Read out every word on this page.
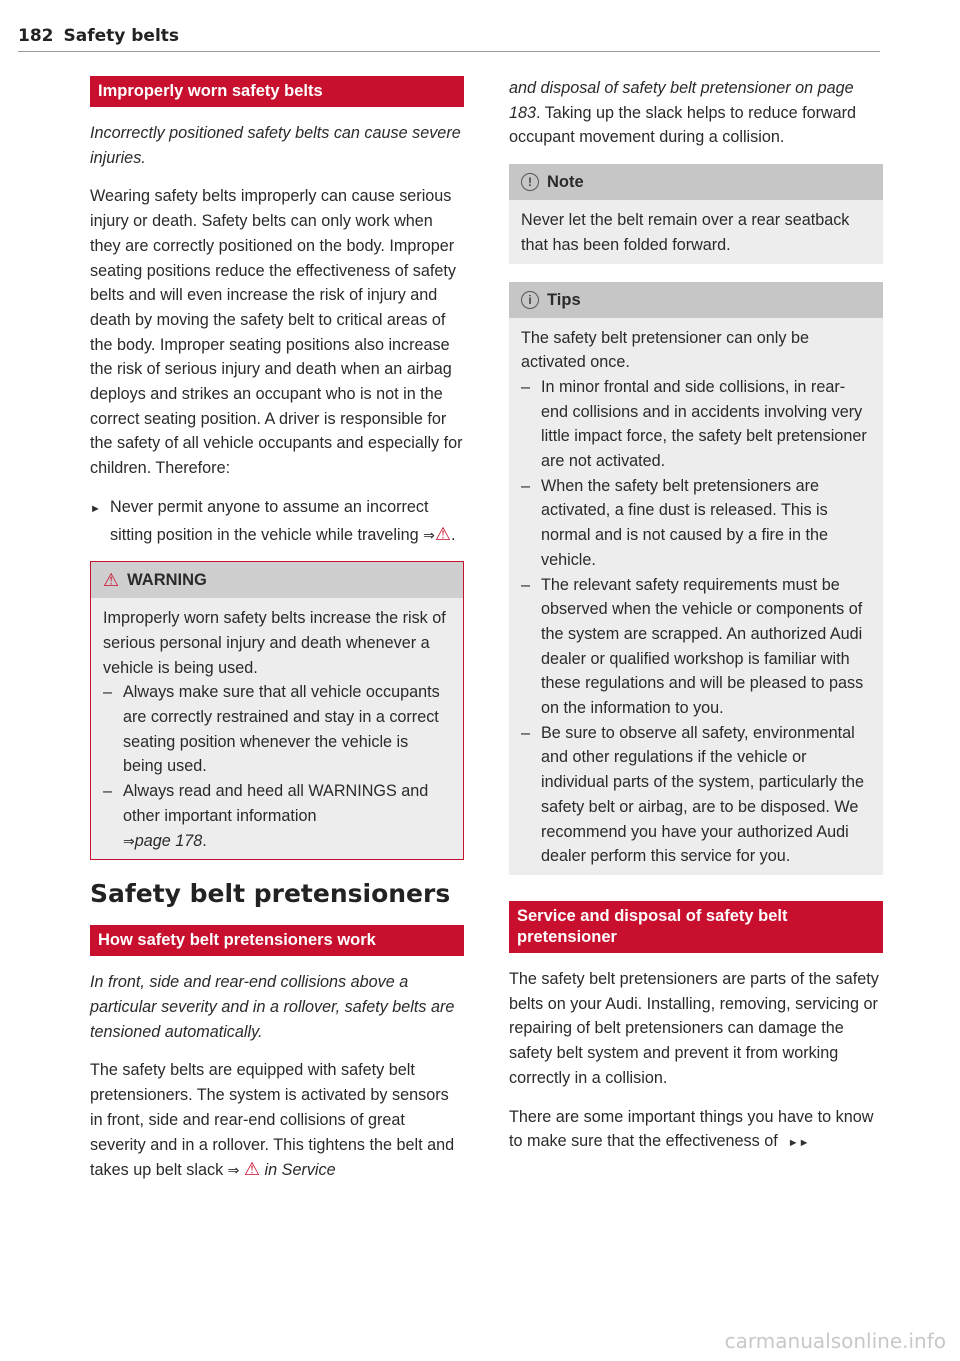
182 Safety belts
Improperly worn safety belts

Incorrectly positioned safety belts can cause severe injuries.

Wearing safety belts improperly can cause serious injury or death. Safety belts can only work when they are correctly positioned on the body. Improper seating positions reduce the effectiveness of safety belts and will even increase the risk of injury and death by moving the safety belt to critical areas of the body. Improper seating positions also increase the risk of serious injury and death when an airbag deploys and strikes an occupant who is not in the correct seating position. A driver is responsible for the safety of all vehicle occupants and especially for children. Therefore:

► Never permit anyone to assume an incorrect sitting position in the vehicle while traveling ⇒⚠.

⚠ WARNING

Improperly worn safety belts increase the risk of serious personal injury and death whenever a vehicle is being used.

– Always make sure that all vehicle occupants are correctly restrained and stay in a correct seating position whenever the vehicle is being used.

– Always read and heed all WARNINGS and other important information
⇒page 178.

Safety belt pretensioners
How safety belt pretensioners work

In front, side and rear-end collisions above a particular severity and in a rollover, safety belts are tensioned automatically.

The safety belts are equipped with safety belt pretensioners. The system is activated by sensors in front, side and rear-end collisions of great severity and in a rollover. This tightens the belt and takes up belt slack ⇒ ⚠ in Service

and disposal of safety belt pretensioner on page 183. Taking up the slack helps to reduce forward occupant movement during a collision.

! Note

Never let the belt remain over a rear seatback that has been folded forward.

i Tips

The safety belt pretensioner can only be activated once.

– In minor frontal and side collisions, in rear-end collisions and in accidents involving very little impact force, the safety belt pretensioner are not activated.

– When the safety belt pretensioners are activated, a fine dust is released. This is normal and is not caused by a fire in the vehicle.

– The relevant safety requirements must be observed when the vehicle or components of the system are scrapped. An authorized Audi dealer or qualified workshop is familiar with these regulations and will be pleased to pass on the information to you.

– Be sure to observe all safety, environmental and other regulations if the vehicle or individual parts of the system, particularly the safety belt or airbag, are to be disposed. We recommend you have your authorized Audi dealer perform this service for you.

Service and disposal of safety belt pretensioner

The safety belt pretensioners are parts of the safety belts on your Audi. Installing, removing, servicing or repairing of belt pretensioners can damage the safety belt system and prevent it from working correctly in a collision.

There are some important things you have to know to make sure that the effectiveness of ►►

carmanualsonline.info
